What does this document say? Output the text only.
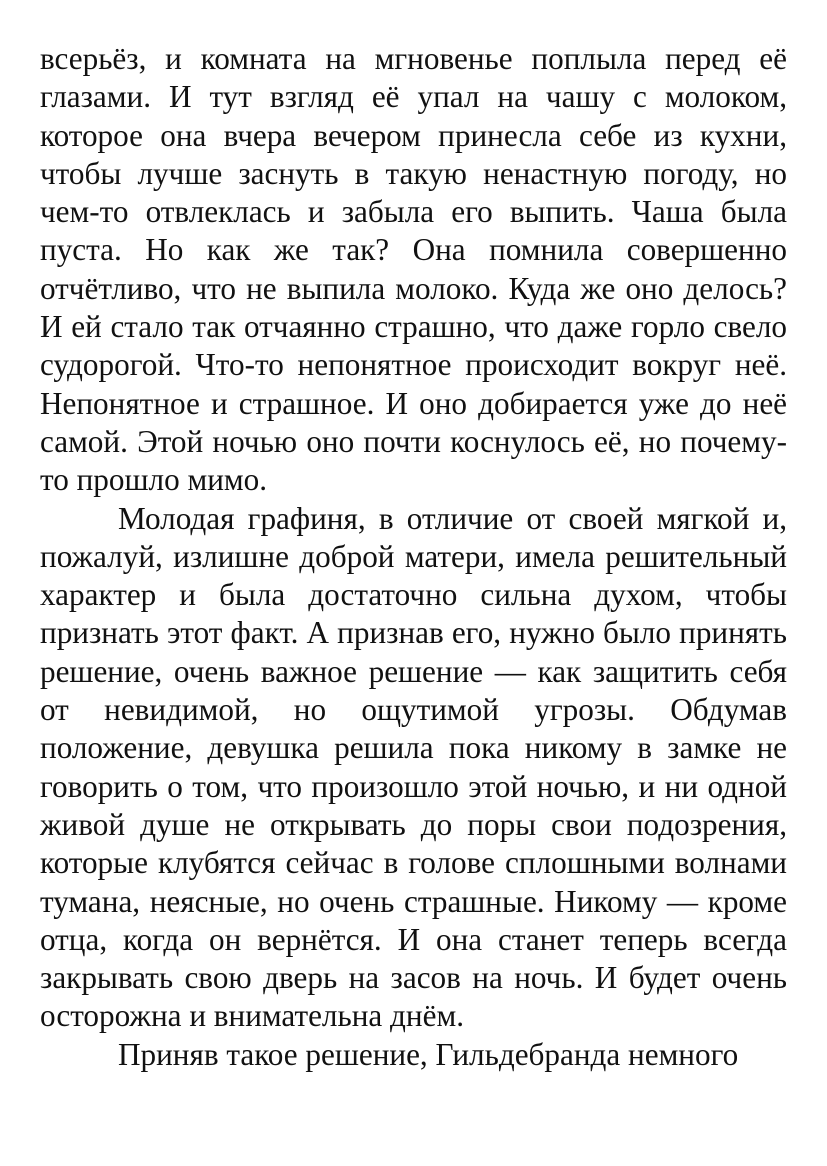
всерьёз, и комната на мгновенье поплыла перед её глазами. И тут взгляд её упал на чашу с молоком, которое она вчера вечером принесла себе из кухни, чтобы лучше заснуть в такую ненастную погоду, но чем-то отвлеклась и забыла его выпить. Чаша была пуста. Но как же так? Она помнила совершенно отчётливо, что не выпила молоко. Куда же оно делось? И ей стало так отчаянно страшно, что даже горло свело судорогой. Что-то непонятное происходит вокруг неё. Непонятное и страшное. И оно добирается уже до неё самой. Этой ночью оно почти коснулось её, но почему-то прошло мимо.

Молодая графиня, в отличие от своей мягкой и, пожалуй, излишне доброй матери, имела решительный характер и была достаточно сильна духом, чтобы признать этот факт. А признав его, нужно было принять решение, очень важное решение — как защитить себя от невидимой, но ощутимой угрозы. Обдумав положение, девушка решила пока никому в замке не говорить о том, что произошло этой ночью, и ни одной живой душе не открывать до поры свои подозрения, которые клубятся сейчас в голове сплошными волнами тумана, неясные, но очень страшные. Никому — кроме отца, когда он вернётся. И она станет теперь всегда закрывать свою дверь на засов на ночь. И будет очень осторожна и внимательна днём.

Приняв такое решение, Гильдебранда немного
